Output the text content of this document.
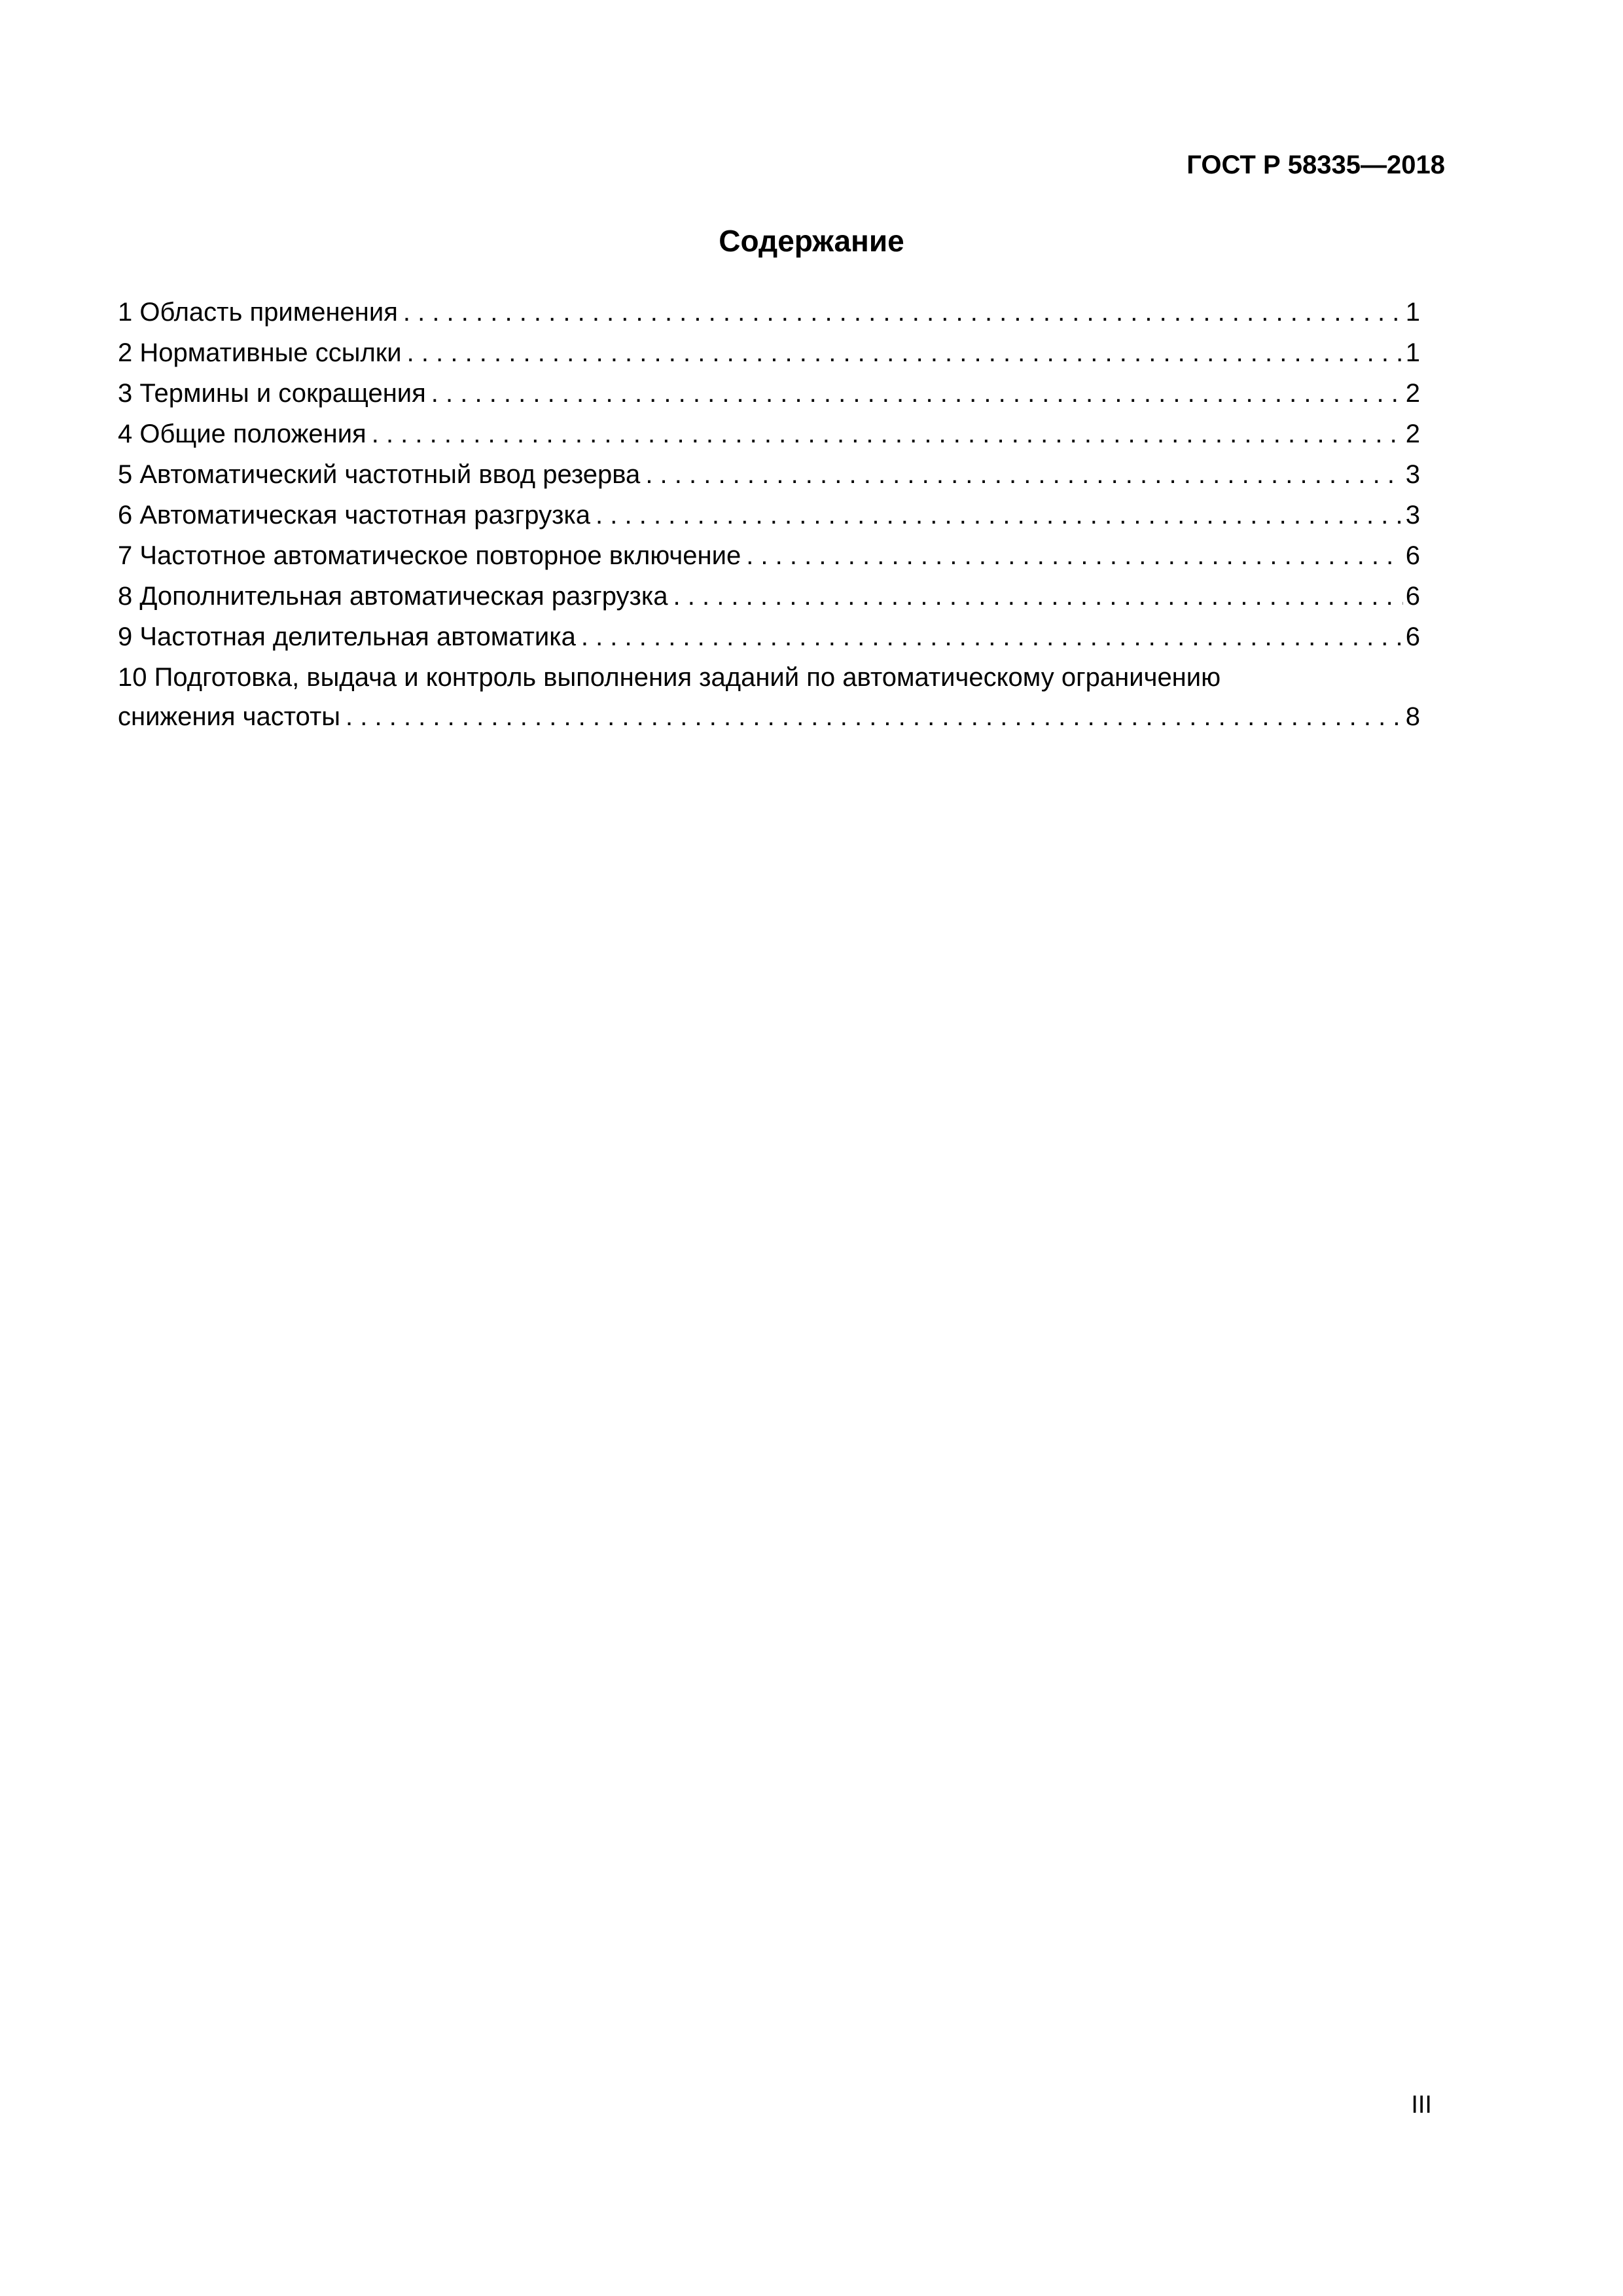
ГОСТ Р 58335—2018
Содержание
1 Область применения . . .	1
2 Нормативные ссылки . . .	1
3 Термины и сокращения . . .	2
4 Общие положения . . .	2
5 Автоматический частотный ввод резерва . . .	3
6 Автоматическая частотная разгрузка . . .	3
7 Частотное автоматическое повторное включение . . .	6
8 Дополнительная автоматическая разгрузка . . .	6
9 Частотная делительная автоматика . . .	6
10 Подготовка, выдача и контроль выполнения заданий по автоматическому ограничению
снижения частоты . . .	8
III
